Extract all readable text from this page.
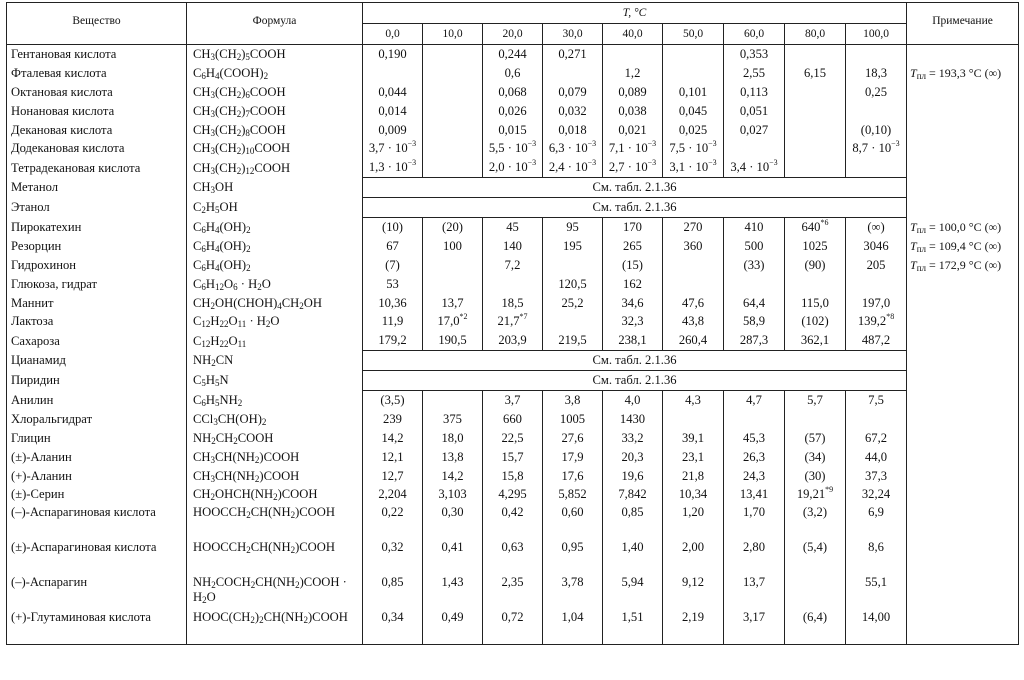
Вещество	Формула	T, °C									Примечание
		0,0	10,0	20,0	30,0	40,0	50,0	60,0	80,0	100,0	
Гентановая кислота	$CH_3(CH_2)_5COOH$	0,190		0,244	0,271			0,353			
Фталевая кислота	$C_6H_4(COOH)_2$			0,6		1,2		2,55	6,15	18,3	$T_{пл} = 193,3$ °C (∞)
Октановая кислота	$CH_3(CH_2)_6COOH$	0,044		0,068	0,079	0,089	0,101	0,113		0,25	
Нонановая кислота	$CH_3(CH_2)_7COOH$	0,014		0,026	0,032	0,038	0,045	0,051			
Декановая кислота	$CH_3(CH_2)_8COOH$	0,009		0,015	0,018	0,021	0,025	0,027		(0,10)	
Додекановая кислота	$CH_3(CH_2)_{10}COOH$	$3,7 \cdot 10^{-3}$		$5,5 \cdot 10^{-3}$	$6,3 \cdot 10^{-3}$	$7,1 \cdot 10^{-3}$	$7,5 \cdot 10^{-3}$			$8,7 \cdot 10^{-3}$	
Тетрадекановая кислота	$CH_3(CH_2)_{12}COOH$	$1,3 \cdot 10^{-3}$		$2,0 \cdot 10^{-3}$	$2,4 \cdot 10^{-3}$	$2,7 \cdot 10^{-3}$	$3,1 \cdot 10^{-3}$	$3,4 \cdot 10^{-3}$			
Метанол	$CH_3OH$	См. табл. 2.1.36									
Этанол	$C_2H_5OH$	См. табл. 2.1.36									
Пирокатехин	$C_6H_4(OH)_2$	(10)	(20)	45	95	170	270	410	640$^{*6}$	(∞)	$T_{пл} = 100,0$ °C (∞)
Резорцин	$C_6H_4(OH)_2$	67	100	140	195	265	360	500	1025	3046	$T_{пл} = 109,4$ °C (∞)
Гидрохинон	$C_6H_4(OH)_2$	(7)		7,2		(15)		(33)	(90)	205	$T_{пл} = 172,9$ °C (∞)
Глюкоза, гидрат	$C_6H_{12}O_6 \cdot H_2O$	53			120,5	162					
Маннит	$CH_2OH(CHOH)_4CH_2OH$	10,36	13,7	18,5	25,2	34,6	47,6	64,4	115,0	197,0	
Лактоза	$C_{12}H_{22}O_{11} \cdot H_2O$	11,9	17,0$^{*2}$	21,7$^{*7}$		32,3	43,8	58,9	(102)	139,2$^{*8}$	
Сахароза	$C_{12}H_{22}O_{11}$	179,2	190,5	203,9	219,5	238,1	260,4	287,3	362,1	487,2	
Цианамид	$NH_2CN$	См. табл. 2.1.36									
Пиридин	$C_5H_5N$	См. табл. 2.1.36									
Анилин	$C_6H_5NH_2$	(3,5)		3,7	3,8	4,0	4,3	4,7	5,7	7,5	
Хлоральгидрат	$CCl_3CH(OH)_2$	239	375	660	1005	1430					
Глицин	$NH_2CH_2COOH$	14,2	18,0	22,5	27,6	33,2	39,1	45,3	(57)	67,2	
(±)-Аланин	$CH_3CH(NH_2)COOH$	12,1	13,8	15,7	17,9	20,3	23,1	26,3	(34)	44,0	
(+)-Аланин	$CH_3CH(NH_2)COOH$	12,7	14,2	15,8	17,6	19,6	21,8	24,3	(30)	37,3	
(±)-Серин	$CH_2OHCH(NH_2)COOH$	2,204	3,103	4,295	5,852	7,842	10,34	13,41	19,21$^{*9}$	32,24	
(–)-Аспарагиновая кислота	$HOOCCH_2CH(NH_2)COOH$	0,22	0,30	0,42	0,60	0,85	1,20	1,70	(3,2)	6,9	
(±)-Аспарагиновая кислота	$HOOCCH_2CH(NH_2)COOH$	0,32	0,41	0,63	0,95	1,40	2,00	2,80	(5,4)	8,6	
(–)-Аспарагин	$NH_2COCH_2CH(NH_2)COOH \cdot H_2O$	0,85	1,43	2,35	3,78	5,94	9,12	13,7		55,1	
(+)-Глутаминовая кислота	$HOOC(CH_2)_2CH(NH_2)COOH$	0,34	0,49	0,72	1,04	1,51	2,19	3,17	(6,4)	14,00	
